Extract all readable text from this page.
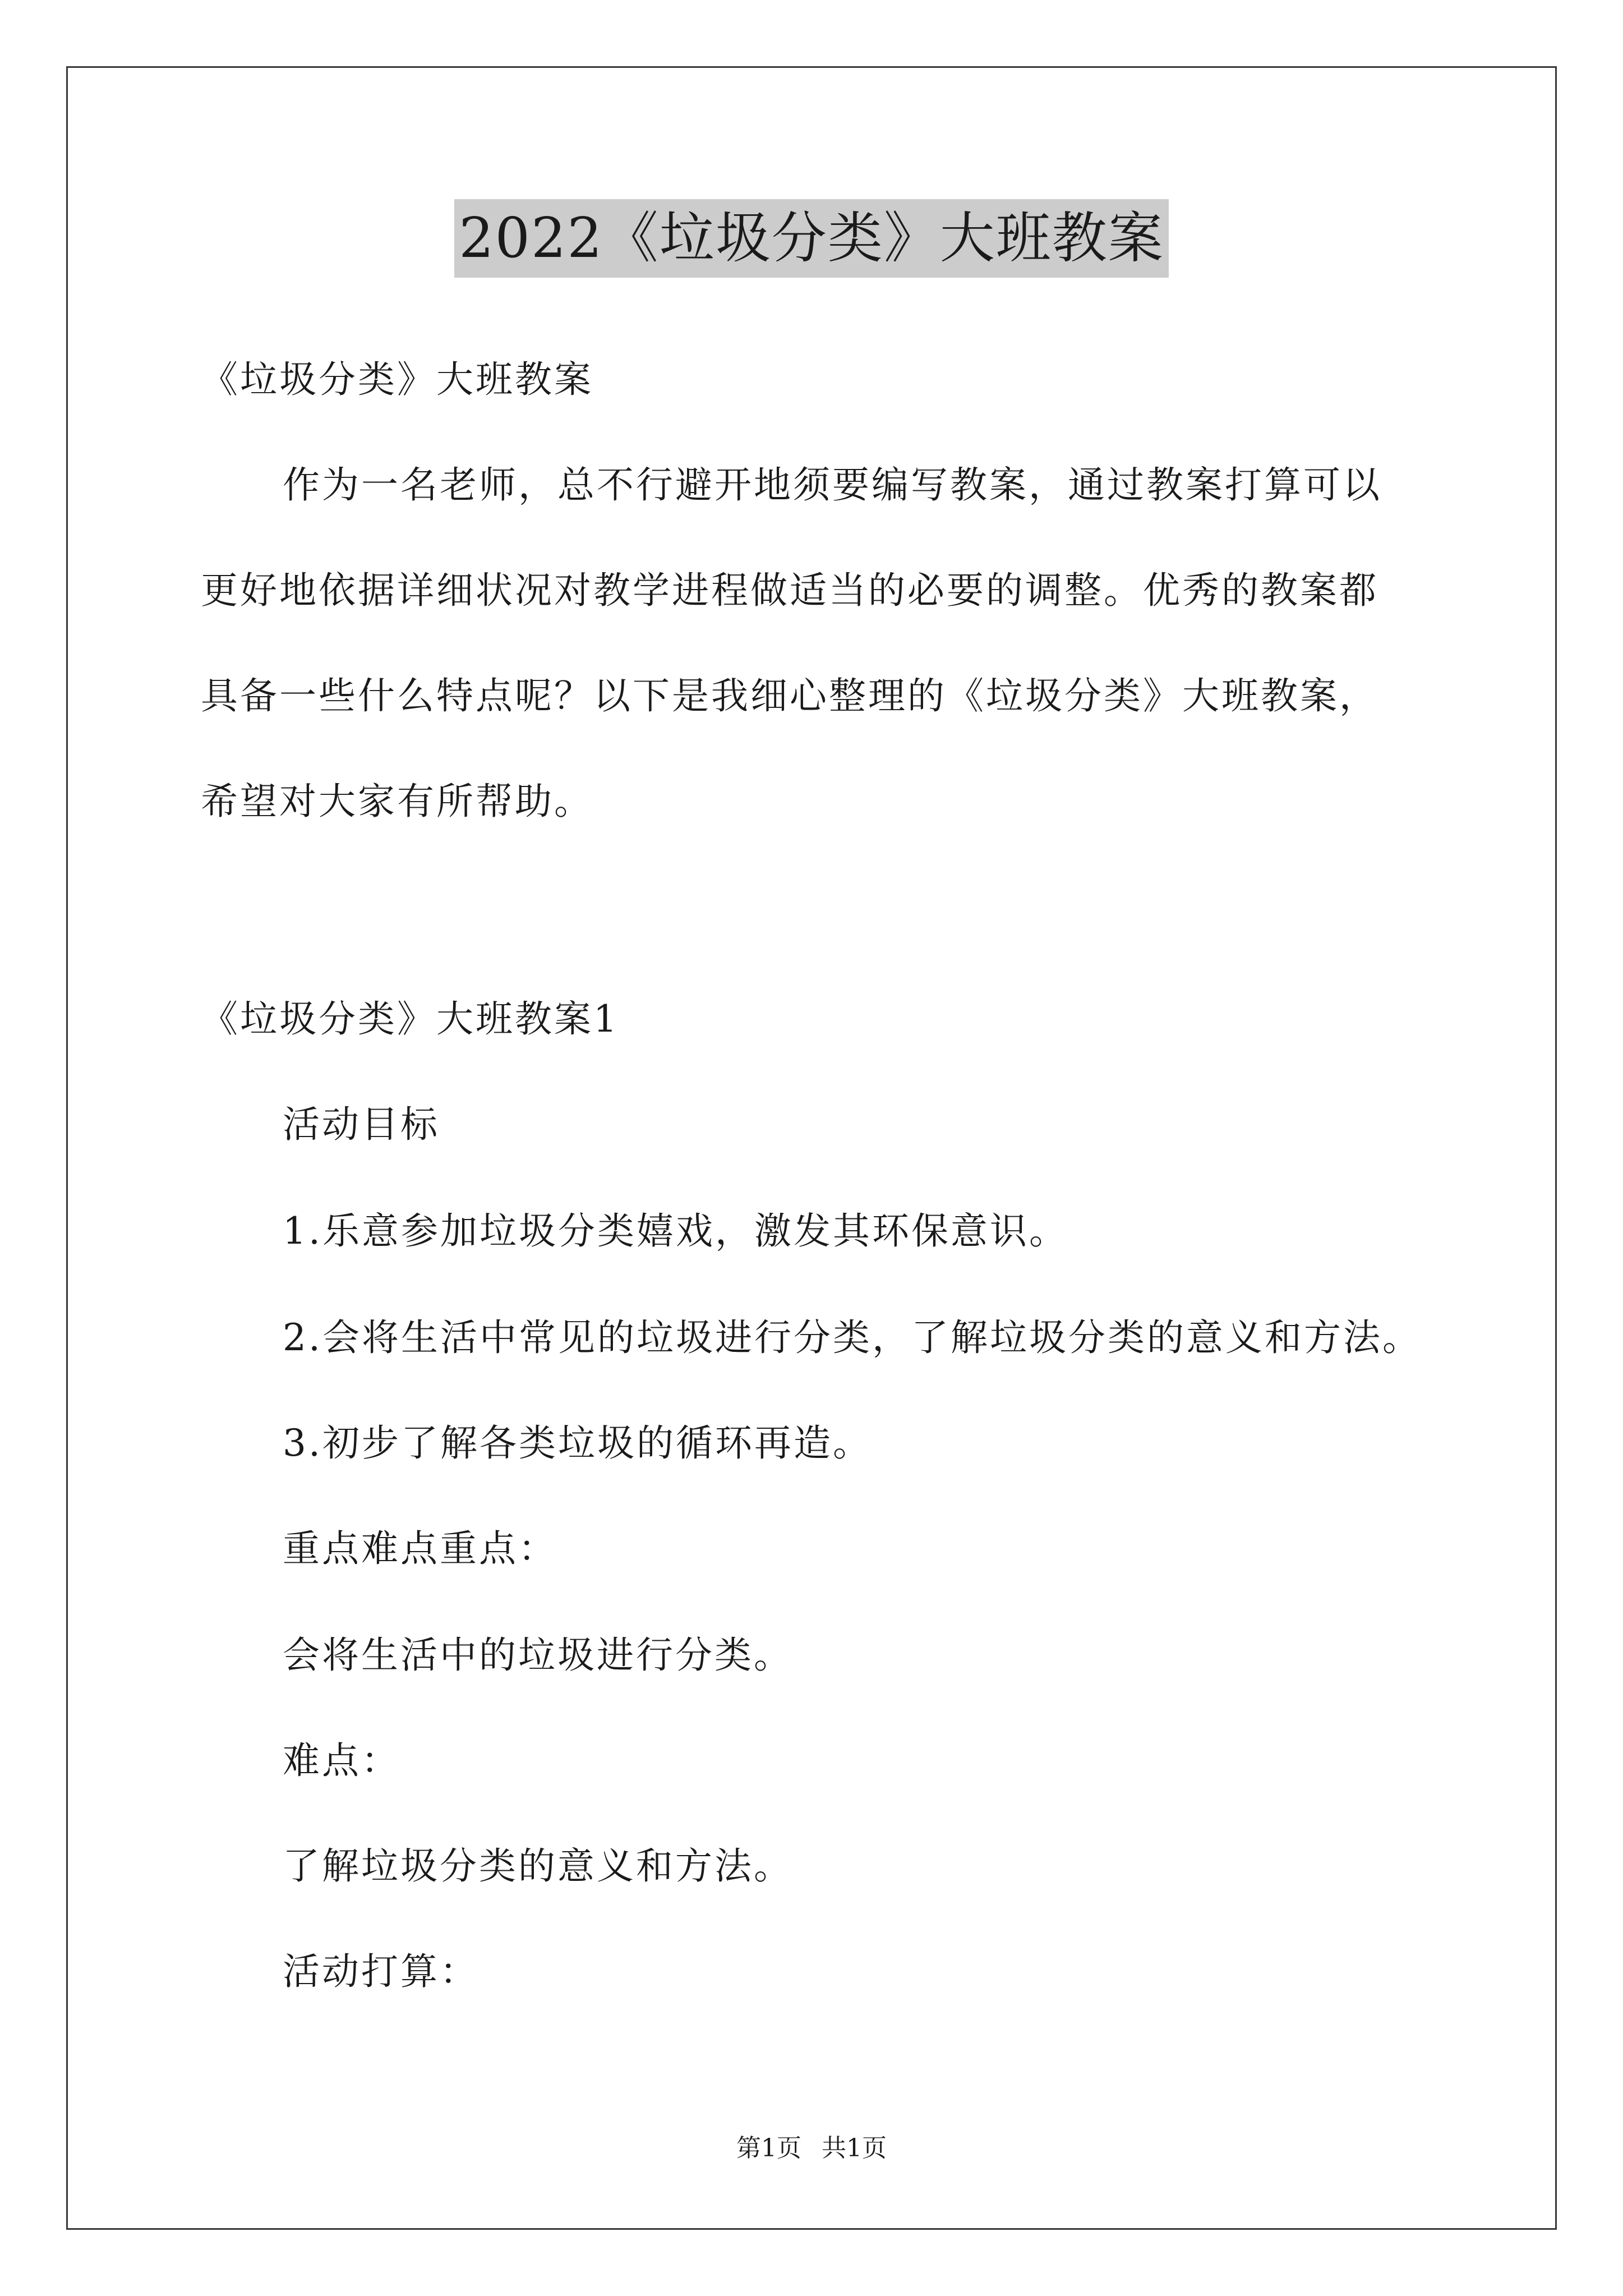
2022《垃圾分类》大班教案
《垃圾分类》大班教案
作为一名老师，总不行避开地须要编写教案，通过教案打算可以
更好地依据详细状况对教学进程做适当的必要的调整。优秀的教案都
具备一些什么特点呢？以下是我细心整理的《垃圾分类》大班教案，
希望对大家有所帮助。
《垃圾分类》大班教案1
活动目标
1.乐意参加垃圾分类嬉戏，激发其环保意识。
2.会将生活中常见的垃圾进行分类，了解垃圾分类的意义和方法。
3.初步了解各类垃圾的循环再造。
重点难点重点：
会将生活中的垃圾进行分类。
难点：
了解垃圾分类的意义和方法。
活动打算：
第1页 共1页
